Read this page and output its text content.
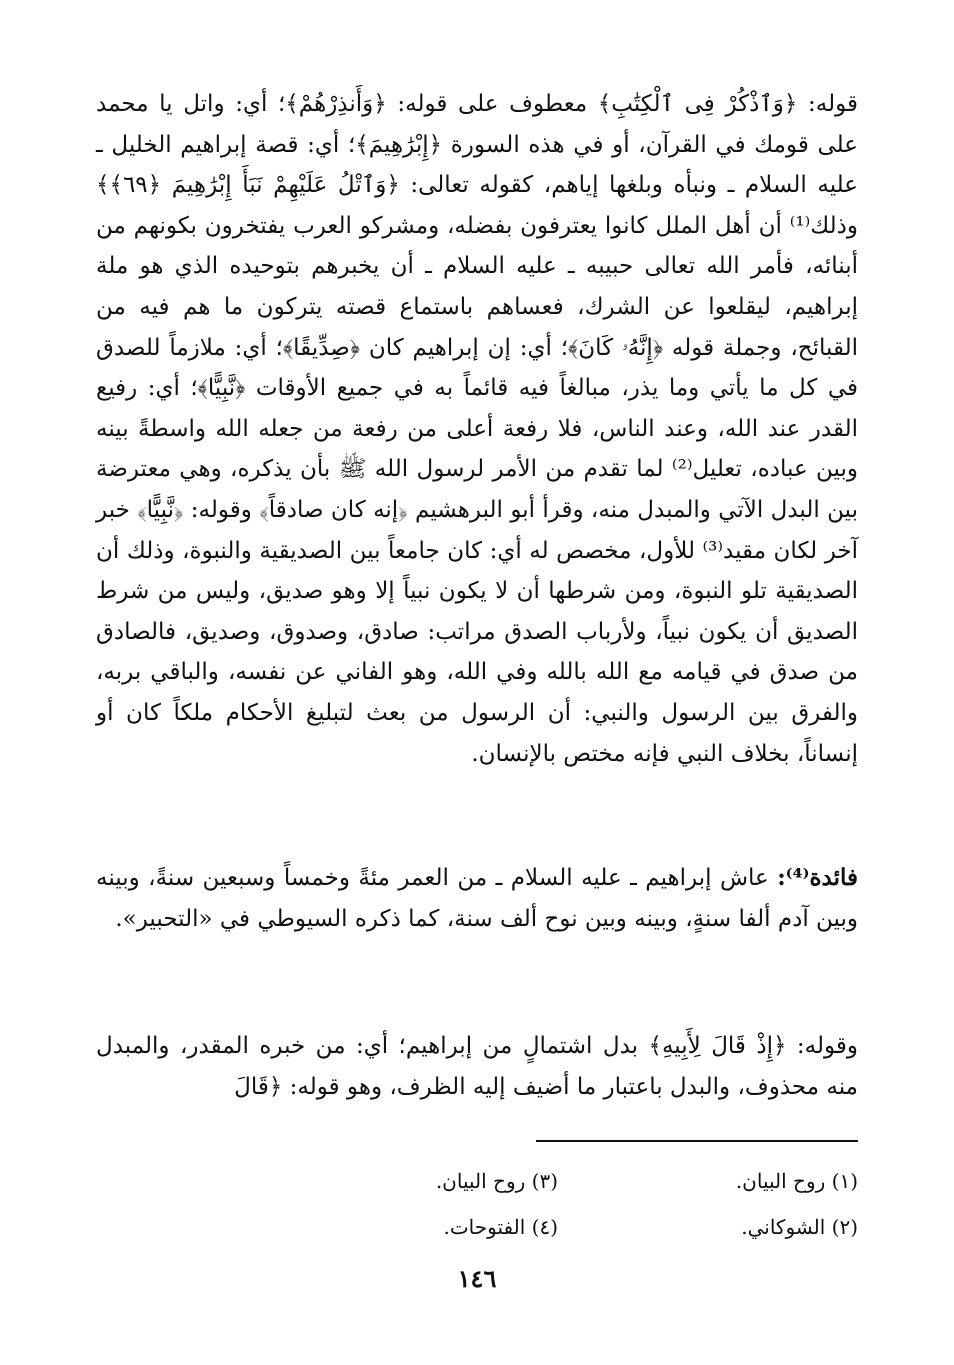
قوله: ﴿وَٱذْكُرْ فِى ٱلْكِتَٰبِ﴾ معطوف على قوله: ﴿وَأَنذِرْهُمْ﴾؛ أي: واتل يا محمد على قومك في القرآن، أو في هذه السورة ﴿إِبْرَٰهِيمَ﴾؛ أي: قصة إبراهيم الخليل ـ عليه السلام ـ ونبأه وبلغها إياهم، كقوله تعالى: ﴿وَٱتْلُ عَلَيْهِمْ نَبَأَ إِبْرَٰهِيمَ ﴿٦٩﴾﴾ وذلك⁽¹⁾ أن أهل الملل كانوا يعترفون بفضله، ومشركو العرب يفتخرون بكونهم من أبنائه، فأمر الله تعالى حبيبه ـ عليه السلام ـ أن يخبرهم بتوحيده الذي هو ملة إبراهيم، ليقلعوا عن الشرك، فعساهم باستماع قصته يتركون ما هم فيه من القبائح، وجملة قوله ﴿إِنَّهُۥ كَانَ﴾؛ أي: إن إبراهيم كان ﴿صِدِّيقًا﴾؛ أي: ملازماً للصدق في كل ما يأتي وما يذر، مبالغاً فيه قائماً به في جميع الأوقات ﴿نَّبِيًّا﴾؛ أي: رفيع القدر عند الله، وعند الناس، فلا رفعة أعلى من رفعة من جعله الله واسطةً بينه وبين عباده، تعليل⁽²⁾ لما تقدم من الأمر لرسول الله ﷺ بأن يذكره، وهي معترضة بين البدل الآتي والمبدل منه، وقرأ أبو البرهشيم ﴿إنه كان صادقاً﴾ وقوله: ﴿نَّبِيًّا﴾ خبر آخر لكان مقيد⁽³⁾ للأول، مخصص له أي: كان جامعاً بين الصديقية والنبوة، وذلك أن الصديقية تلو النبوة، ومن شرطها أن لا يكون نبياً إلا وهو صديق، وليس من شرط الصديق أن يكون نبياً، ولأرباب الصدق مراتب: صادق، وصدوق، وصديق، فالصادق من صدق في قيامه مع الله بالله وفي الله، وهو الفاني عن نفسه، والباقي بربه، والفرق بين الرسول والنبي: أن الرسول من بعث لتبليغ الأحكام ملكاً كان أو إنساناً، بخلاف النبي فإنه مختص بالإنسان.

فائدة⁽⁴⁾: عاش إبراهيم ـ عليه السلام ـ من العمر مئةً وخمساً وسبعين سنةً، وبينه وبين آدم ألفا سنةٍ، وبينه وبين نوح ألف سنة، كما ذكره السيوطي في «التحبير».

وقوله: ﴿إِذْ قَالَ لِأَبِيهِ﴾ بدل اشتمالٍ من إبراهيم؛ أي: من خبره المقدر، والمبدل منه محذوف، والبدل باعتبار ما أضيف إليه الظرف، وهو قوله: ﴿قَالَ

(١) روح البيان.
(٣) روح البيان.
(٢) الشوكاني.
(٤) الفتوحات.
١٤٦
